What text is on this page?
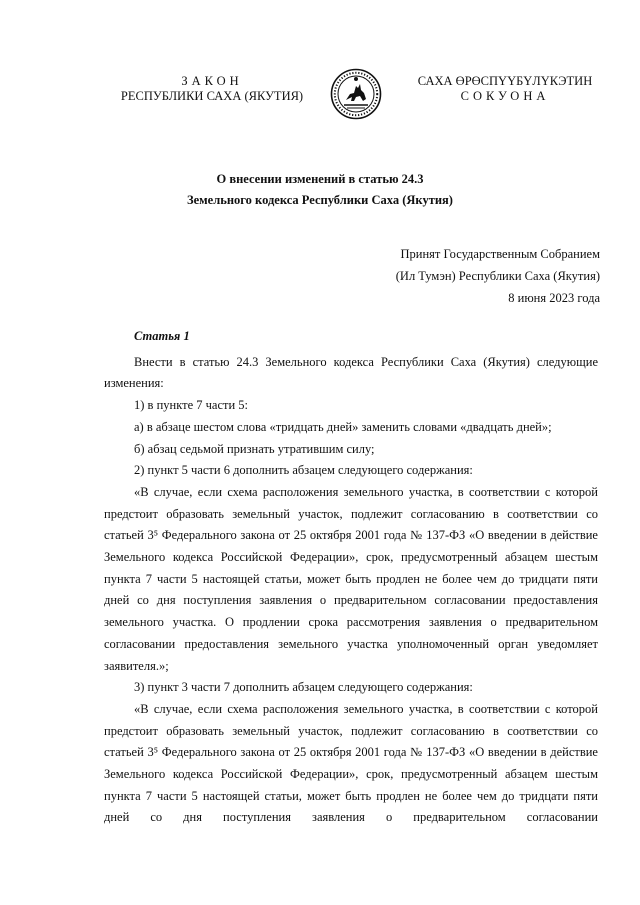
ЗАКОН
РЕСПУБЛИКИ САХА (ЯКУТИЯ)
САХА ӨРӨСПҮҮБҮЛҮКЭТИН
СОКУОНА
О внесении изменений в статью 24.3
Земельного кодекса Республики Саха (Якутия)
Принят Государственным Собранием
(Ил Тумэн) Республики Саха (Якутия)
8 июня 2023 года
Статья 1

Внести в статью 24.3 Земельного кодекса Республики Саха (Якутия) следующие изменения:

1) в пункте 7 части 5:

а) в абзаце шестом слова «тридцать дней» заменить словами «двадцать дней»;

б) абзац седьмой признать утратившим силу;

2) пункт 5 части 6 дополнить абзацем следующего содержания:

«В случае, если схема расположения земельного участка, в соответствии с которой предстоит образовать земельный участок, подлежит согласованию в соответствии со статьей 3⁵ Федерального закона от 25 октября 2001 года № 137-ФЗ «О введении в действие Земельного кодекса Российской Федерации», срок, предусмотренный абзацем шестым пункта 7 части 5 настоящей статьи, может быть продлен не более чем до тридцати пяти дней со дня поступления заявления о предварительном согласовании предоставления земельного участка. О продлении срока рассмотрения заявления о предварительном согласовании предоставления земельного участка уполномоченный орган уведомляет заявителя.»;

3) пункт 3 части 7 дополнить абзацем следующего содержания:

«В случае, если схема расположения земельного участка, в соответствии с которой предстоит образовать земельный участок, подлежит согласованию в соответствии со статьей 3⁵ Федерального закона от 25 октября 2001 года № 137-ФЗ «О введении в действие Земельного кодекса Российской Федерации», срок, предусмотренный абзацем шестым пункта 7 части 5 настоящей статьи, может быть продлен не более чем до тридцати пяти дней со дня поступления заявления о предварительном согласовании
